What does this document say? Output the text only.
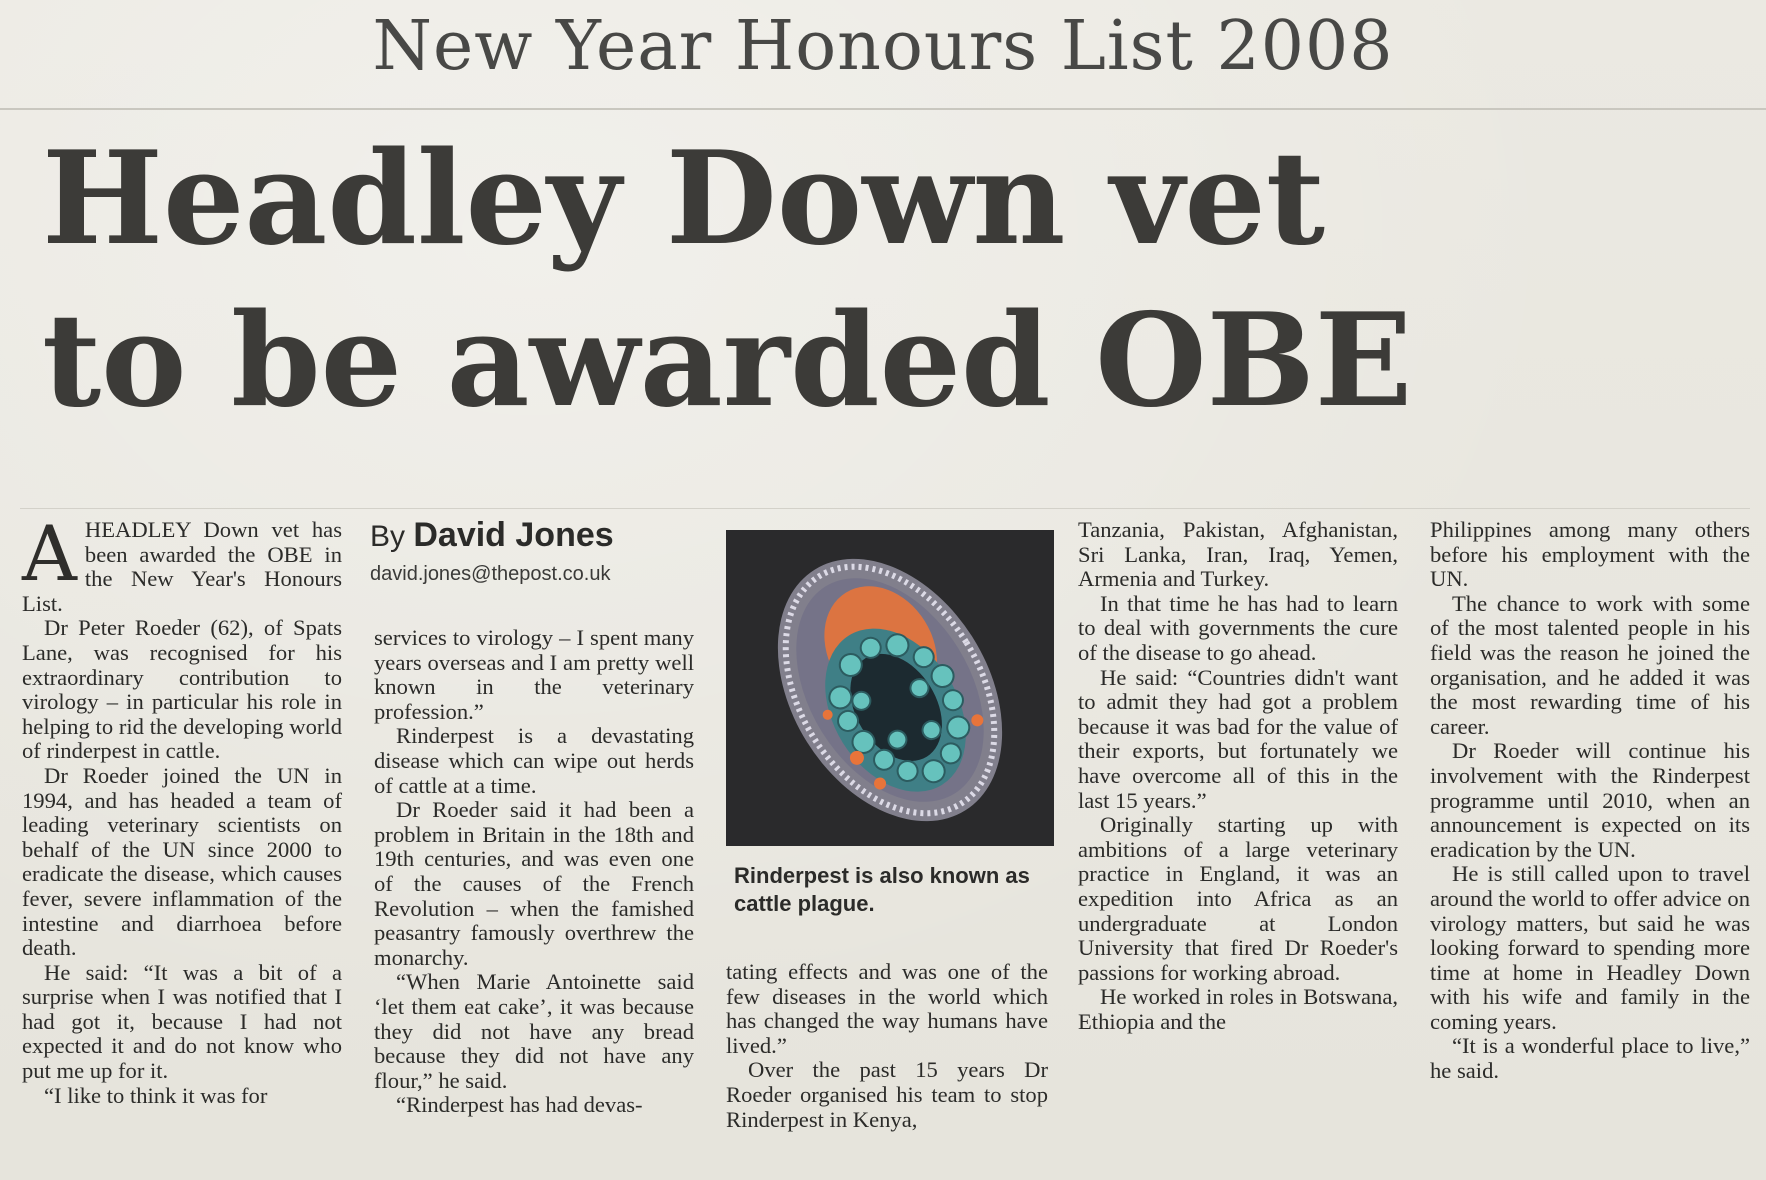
New Year Honours List 2008
Headley Down vet
to be awarded OBE

AHEADLEY Down vet has been awarded the OBE in the New Year's Honours List.

Dr Peter Roeder (62), of Spats Lane, was recognised for his extraordinary contribution to virology – in particular his role in helping to rid the developing world of rinderpest in cattle.

Dr Roeder joined the UN in 1994, and has headed a team of leading veterinary scientists on behalf of the UN since 2000 to eradicate the disease, which causes fever, severe inflammation of the intestine and diarrhoea before death.

He said: “It was a bit of a surprise when I was notified that I had got it, because I had not expected it and do not know who put me up for it.

“I like to think it was for

By David Jones
david.jones@thepost.co.uk

services to virology – I spent many years overseas and I am pretty well known in the veterinary profession.”

Rinderpest is a devastating disease which can wipe out herds of cattle at a time.

Dr Roeder said it had been a problem in Britain in the 18th and 19th centuries, and was even one of the causes of the French Revolution – when the famished peasantry famously overthrew the monarchy.

“When Marie Antoinette said ‘let them eat cake’, it was because they did not have any bread because they did not have any flour,” he said.

“Rinderpest has had devas-

Rinderpest is also known as cattle plague.

tating effects and was one of the few diseases in the world which has changed the way humans have lived.”

Over the past 15 years Dr Roeder organised his team to stop Rinderpest in Kenya,

Tanzania, Pakistan, Afghanistan, Sri Lanka, Iran, Iraq, Yemen, Armenia and Turkey.

In that time he has had to learn to deal with governments the cure of the disease to go ahead.

He said: “Countries didn't want to admit they had got a problem because it was bad for the value of their exports, but fortunately we have overcome all of this in the last 15 years.”

Originally starting up with ambitions of a large veterinary practice in England, it was an expedition into Africa as an undergraduate at London University that fired Dr Roeder's passions for working abroad.

He worked in roles in Botswana, Ethiopia and the

Philippines among many others before his employment with the UN.

The chance to work with some of the most talented people in his field was the reason he joined the organisation, and he added it was the most rewarding time of his career.

Dr Roeder will continue his involvement with the Rinderpest programme until 2010, when an announcement is expected on its eradication by the UN.

He is still called upon to travel around the world to offer advice on virology matters, but said he was looking forward to spending more time at home in Headley Down with his wife and family in the coming years.

“It is a wonderful place to live,” he said.
